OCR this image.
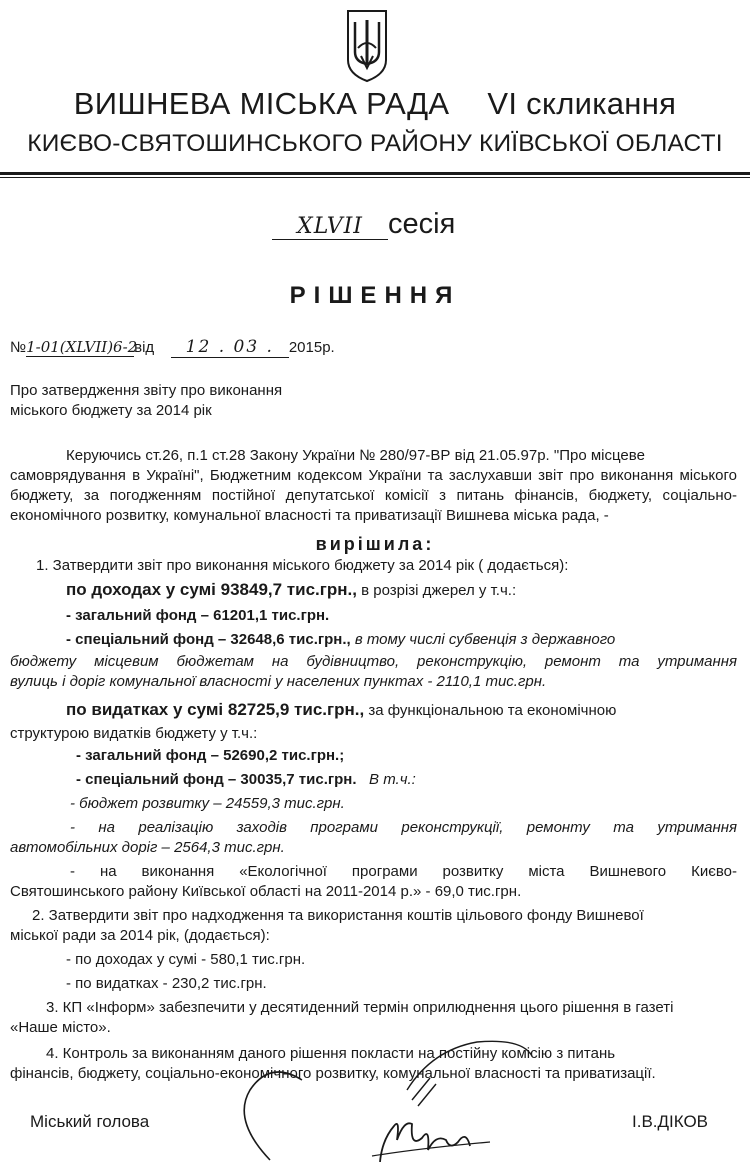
ВИШНЕВА МІСЬКА РАДА VI скликання
КИЄВО-СВЯТОШИНСЬКОГО РАЙОНУ КИЇВСЬКОЇ ОБЛАСТІ
XLVII сесія
РІШЕННЯ
№1-01(XLVII)6-2від 12 . 03 . 2015р.
Про затвердження звіту про виконання
міського бюджету за 2014 рік
Керуючись ст.26, п.1 ст.28 Закону України № 280/97-ВР від 21.05.97р. "Про місцеве
самоврядування в Україні", Бюджетним кодексом України та заслухавши звіт про виконання міського
бюджету, за погодженням постійної депутатської комісії з питань фінансів, бюджету, соціально-
економічного розвитку, комунальної власності та приватизації Вишнева міська рада, -
вирішила:
1. Затвердити звіт про виконання міського бюджету за 2014 рік ( додається):
по доходах у сумі 93849,7 тис.грн., в розрізі джерел у т.ч.:
- загальний фонд – 61201,1 тис.грн.
- спеціальний фонд – 32648,6 тис.грн., в тому числі субвенція з державного
бюджету місцевим бюджетам на будівництво, реконструкцію, ремонт та утримання
вулиць і доріг комунальної власності у населених пунктах - 2110,1 тис.грн.
по видатках у сумі 82725,9 тис.грн., за функціональною та економічною
структурою видатків бюджету у т.ч.:
- загальний фонд – 52690,2 тис.грн.;
- спеціальний фонд – 30035,7 тис.грн. В т.ч.:
- бюджет розвитку – 24559,3 тис.грн.
- на реалізацію заходів програми реконструкції, ремонту та утримання
автомобільних доріг – 2564,3 тис.грн.
- на виконання «Екологічної програми розвитку міста Вишневого Києво-
Святошинського району Київської області на 2011-2014 р.» - 69,0 тис.грн.
2. Затвердити звіт про надходження та використання коштів цільового фонду Вишневої
міської ради за 2014 рік, (додається):
- по доходах у сумі - 580,1 тис.грн.
- по видатках - 230,2 тис.грн.
3. КП «Інформ» забезпечити у десятиденний термін оприлюднення цього рішення в газеті
«Наше місто».
4. Контроль за виконанням даного рішення покласти на постійну комісію з питань
фінансів, бюджету, соціально-економічного розвитку, комунальної власності та приватизації.
Міський голова	І.В.ДІКОВ
